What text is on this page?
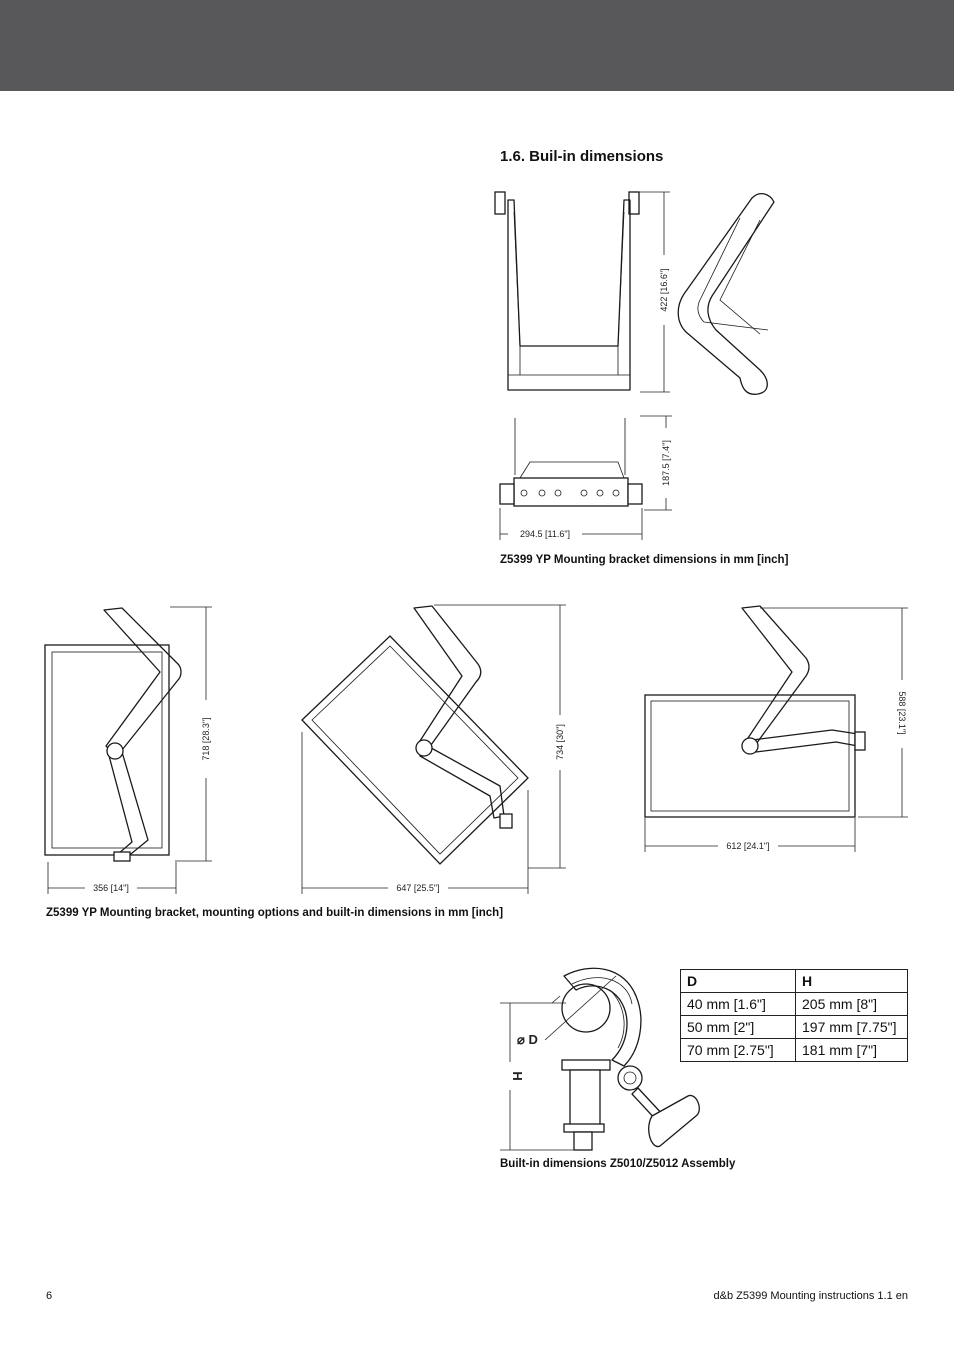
1.6. Buil-in dimensions
422 [16.6"]
187.5 [7.4"]
294.5 [11.6"]
Z5399 YP Mounting bracket dimensions in mm [inch]
718 [28.3"]
356 [14"]
734 [30"]
647 [25.5"]
588 [23.1"]
612 [24.1"]
Z5399 YP Mounting bracket, mounting options and built-in dimensions in mm [inch]
⌀ D
H
D	H
40 mm [1.6"]	205 mm [8"]
50 mm [2"]	197 mm [7.75"]
70 mm [2.75"]	181 mm [7"]
Built-in dimensions Z5010/Z5012 Assembly
6	d&b Z5399 Mounting instructions 1.1 en
